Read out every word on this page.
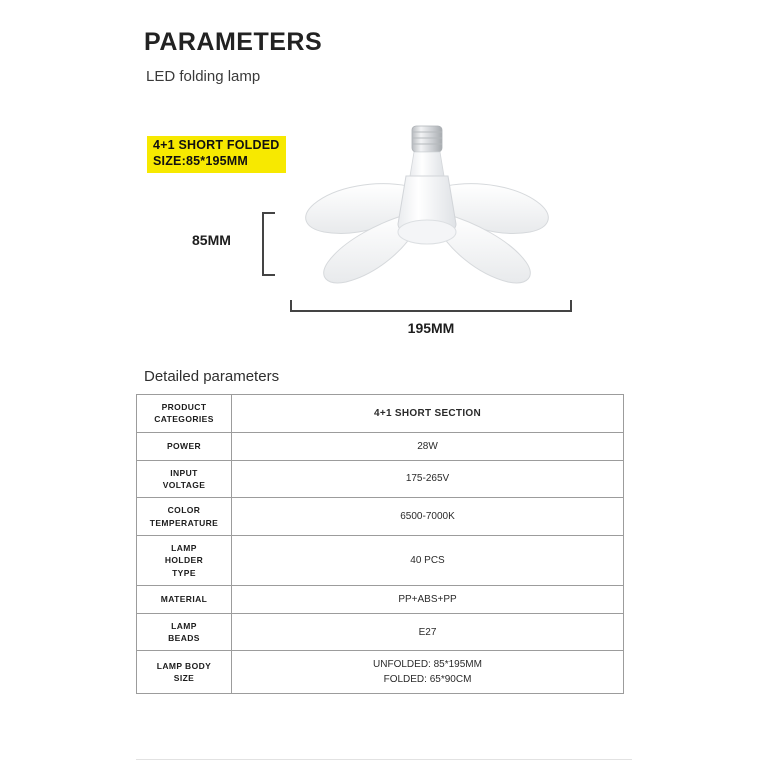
PARAMETERS
LED folding lamp
4+1 SHORT FOLDED
SIZE:85*195MM
85MM
195MM
Detailed parameters
PRODUCT
CATEGORIES	4+1 SHORT SECTION

POWER	28W

INPUT
VOLTAGE	175-265V

COLOR
TEMPERATURE	6500-7000K

LAMP
HOLDER
TYPE	40 PCS

MATERIAL	PP+ABS+PP

LAMP
BEADS	E27

LAMP BODY
SIZE	UNFOLDED: 85*195MM
FOLDED: 65*90CM
